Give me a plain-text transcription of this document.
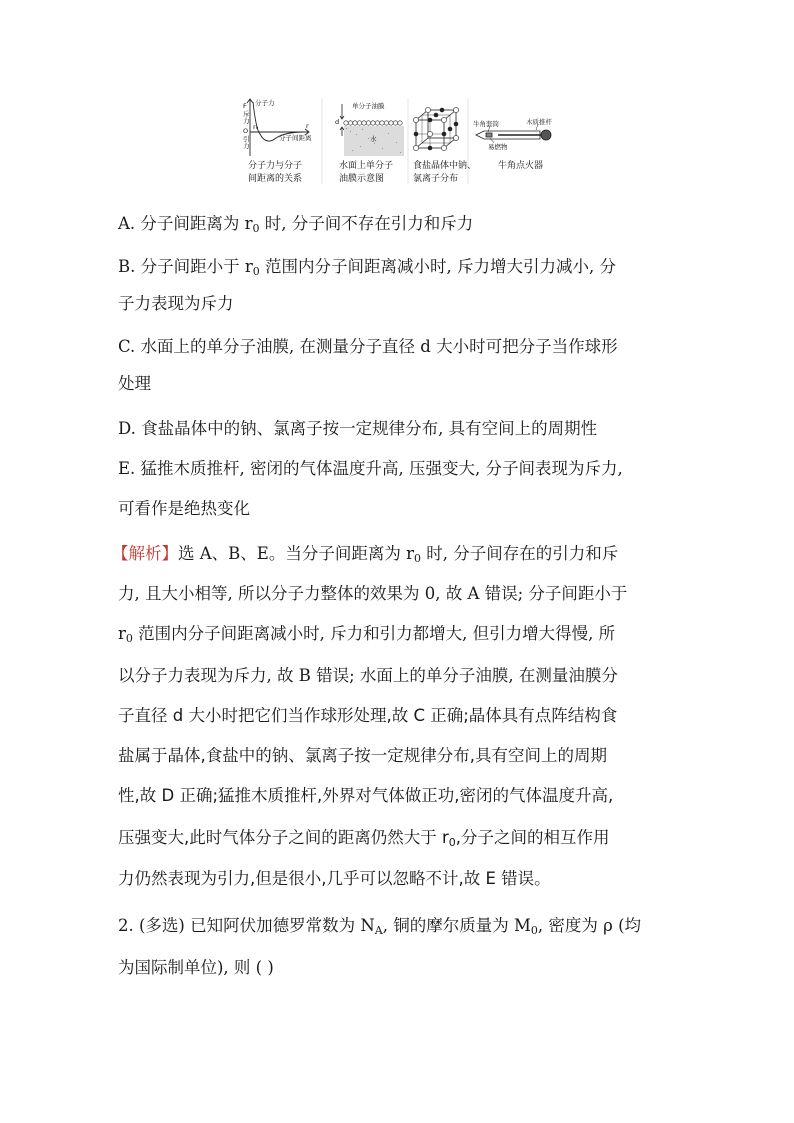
分子力
F
斥
力
O
引
力
r₀	r
分子间距离
分子力与分子
间距离的关系
单分子油膜
d
水
水面上单分子
油膜示意图
食盐晶体中钠、
氯离子分布
牛角套筒	木质推杆
易燃物
牛角点火器
A. 分子间距离为 $r_0$ 时, 分子间不存在引力和斥力
B. 分子间距小于 $r_0$ 范围内分子间距离减小时, 斥力增大引力减小, 分
子力表现为斥力
C. 水面上的单分子油膜, 在测量分子直径 d 大小时可把分子当作球形
处理
D. 食盐晶体中的钠、氯离子按一定规律分布, 具有空间上的周期性
E. 猛推木质推杆, 密闭的气体温度升高, 压强变大, 分子间表现为斥力,
可看作是绝热变化
【解析】选 A、B、E。当分子间距离为 $r_0$ 时, 分子间存在的引力和斥
力, 且大小相等, 所以分子力整体的效果为 0, 故 A 错误; 分子间距小于
$r_0$ 范围内分子间距离减小时, 斥力和引力都增大, 但引力增大得慢, 所
以分子力表现为斥力, 故 B 错误; 水面上的单分子油膜, 在测量油膜分
子直径 d 大小时把它们当作球形处理,故 C 正确;晶体具有点阵结构食
盐属于晶体,食盐中的钠、氯离子按一定规律分布,具有空间上的周期
性,故 D 正确;猛推木质推杆,外界对气体做正功,密闭的气体温度升高,
压强变大,此时气体分子之间的距离仍然大于 $r_0$,分子之间的相互作用
力仍然表现为引力,但是很小,几乎可以忽略不计,故 E 错误。
2. (多选) 已知阿伏加德罗常数为 $N_A$, 铜的摩尔质量为 $M_0$, 密度为 ρ (均
为国际制单位), 则 ( )
